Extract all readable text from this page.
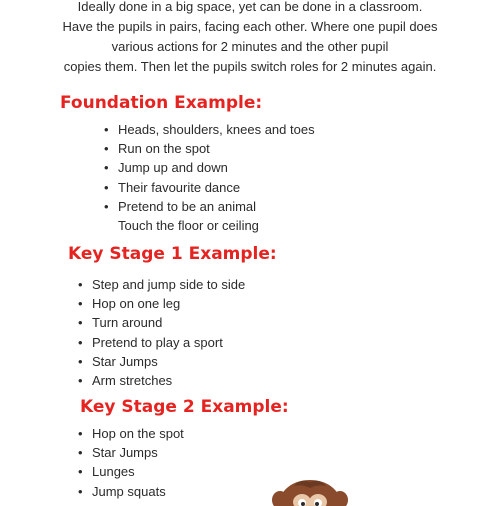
Ideally done in a big space, yet can be done in a classroom.
Have the pupils in pairs, facing each other. Where one pupil does
various actions for 2 minutes and the other pupil
copies them. Then let the pupils switch roles for 2 minutes again.
Foundation Example:
• Heads, shoulders, knees and toes
• Run on the spot
• Jump up and down
• Their favourite dance
• Pretend to be an animal
Touch the floor or ceiling
Key Stage 1 Example:
• Step and jump side to side
• Hop on one leg
• Turn around
• Pretend to play a sport
• Star Jumps
• Arm stretches
Key Stage 2 Example:
• Hop on the spot
• Star Jumps
• Lunges
• Jump squats
